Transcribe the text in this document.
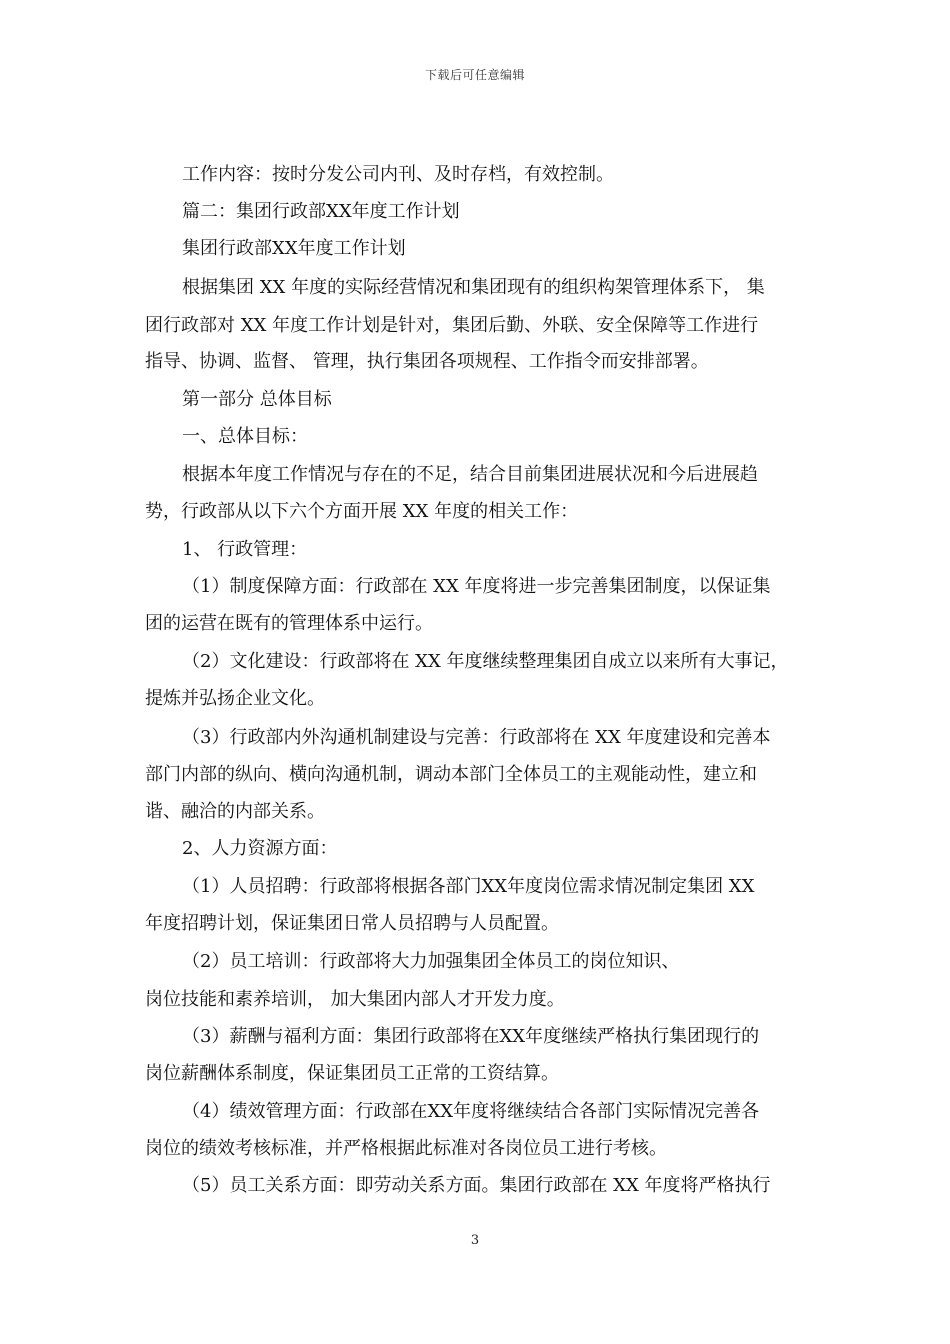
下载后可任意编辑
工作内容：按时分发公司内刊、及时存档，有效控制。
篇二：集团行政部XX年度工作计划
集团行政部XX年度工作计划
根据集团 XX 年度的实际经营情况和集团现有的组织构架管理体系下， 集
团行政部对 XX 年度工作计划是针对，集团后勤、外联、安全保障等工作进行
指导、协调、监督、 管理，执行集团各项规程、工作指令而安排部署。
第一部分 总体目标
一、总体目标：
根据本年度工作情况与存在的不足，结合目前集团进展状况和今后进展趋
势，行政部从以下六个方面开展 XX 年度的相关工作：
1、 行政管理：
（1）制度保障方面：行政部在 XX 年度将进一步完善集团制度，以保证集
团的运营在既有的管理体系中运行。
（2）文化建设：行政部将在 XX 年度继续整理集团自成立以来所有大事记，
提炼并弘扬企业文化。
（3）行政部内外沟通机制建设与完善：行政部将在 XX 年度建设和完善本
部门内部的纵向、横向沟通机制，调动本部门全体员工的主观能动性，建立和
谐、融洽的内部关系。
2、人力资源方面：
（1）人员招聘：行政部将根据各部门XX年度岗位需求情况制定集团 XX
年度招聘计划，保证集团日常人员招聘与人员配置。
（2）员工培训：行政部将大力加强集团全体员工的岗位知识、
岗位技能和素养培训， 加大集团内部人才开发力度。
（3）薪酬与福利方面：集团行政部将在XX年度继续严格执行集团现行的
岗位薪酬体系制度，保证集团员工正常的工资结算。
（4）绩效管理方面：行政部在XX年度将继续结合各部门实际情况完善各
岗位的绩效考核标准，并严格根据此标准对各岗位员工进行考核。
（5）员工关系方面：即劳动关系方面。集团行政部在 XX 年度将严格执行
3
